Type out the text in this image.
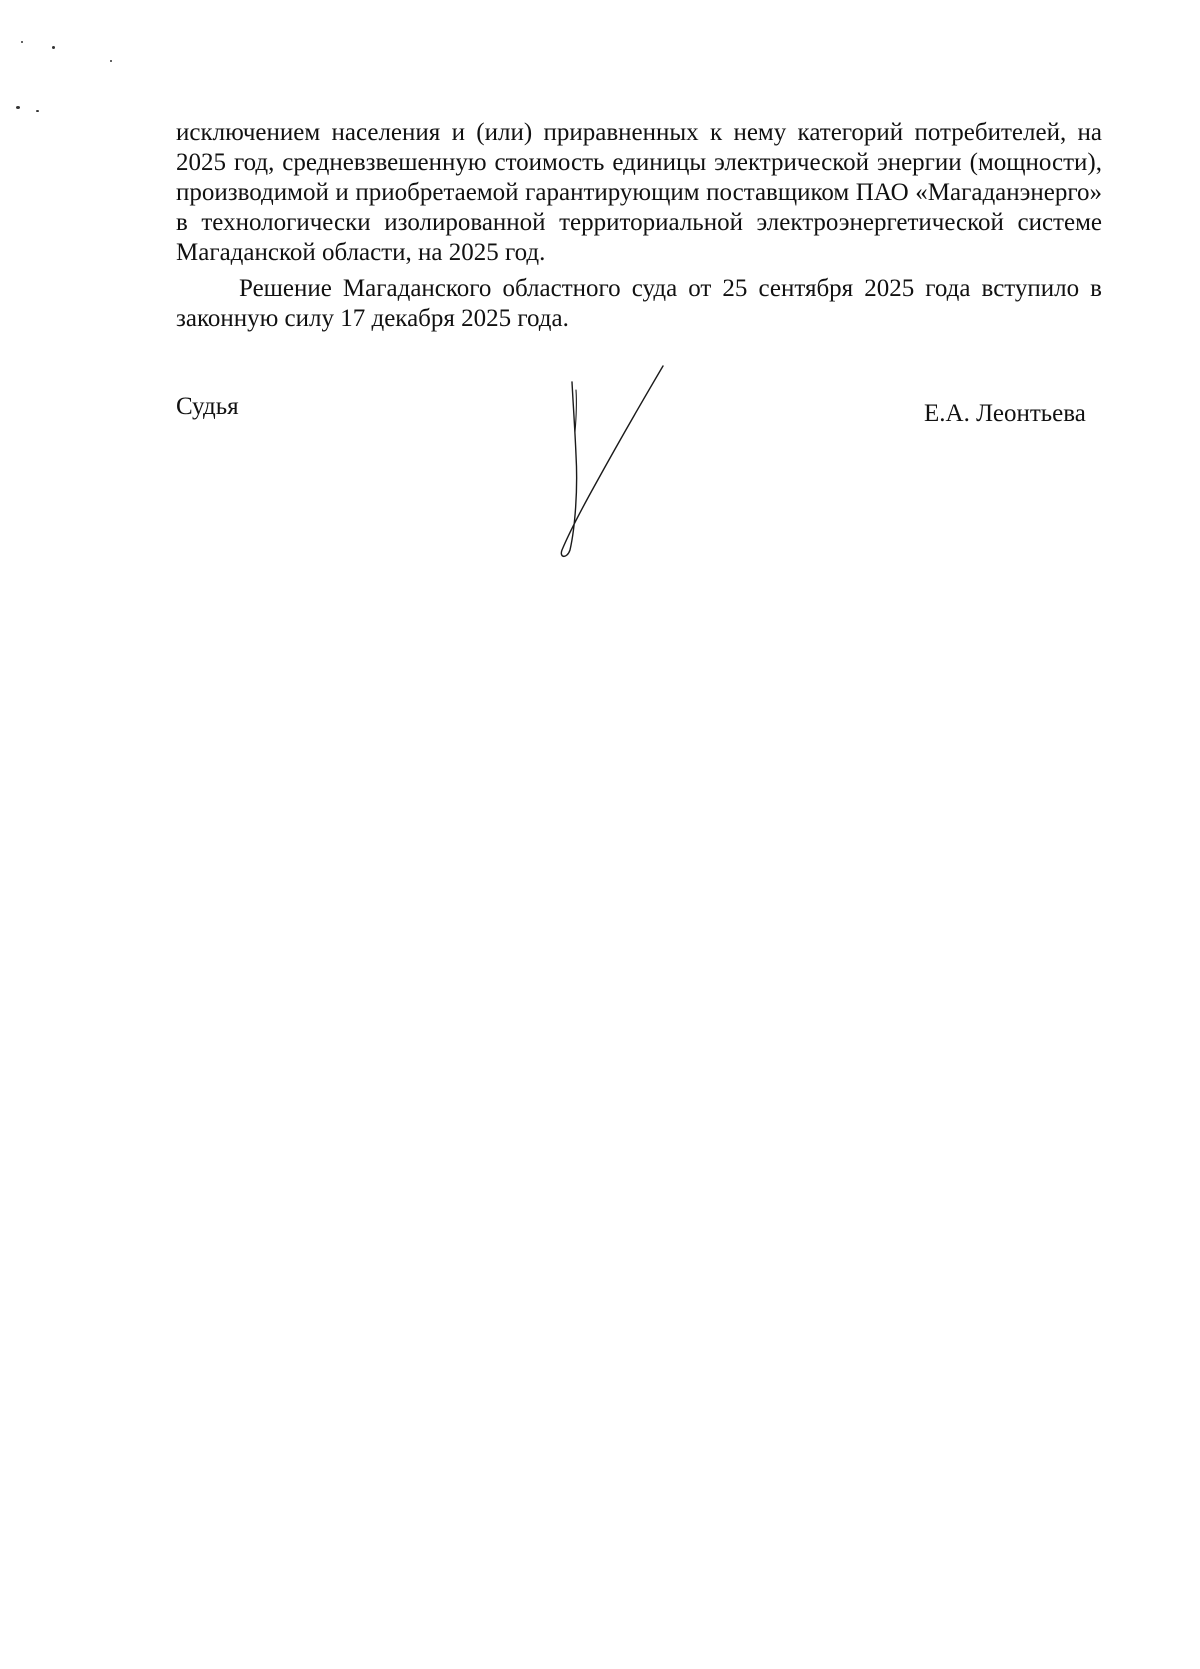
исключением населения и (или) приравненных к нему категорий потребителей, на 2025 год, средневзвешенную стоимость единицы электрической энергии (мощности), производимой и приобретаемой гарантирующим поставщиком ПАО «Магаданэнерго» в технологически изолированной территориальной электроэнергетической системе Магаданской области, на 2025 год.

Решение Магаданского областного суда от 25 сентября 2025 года вступило в законную силу 17 декабря 2025 года.

Судья	Е.А. Леонтьева
